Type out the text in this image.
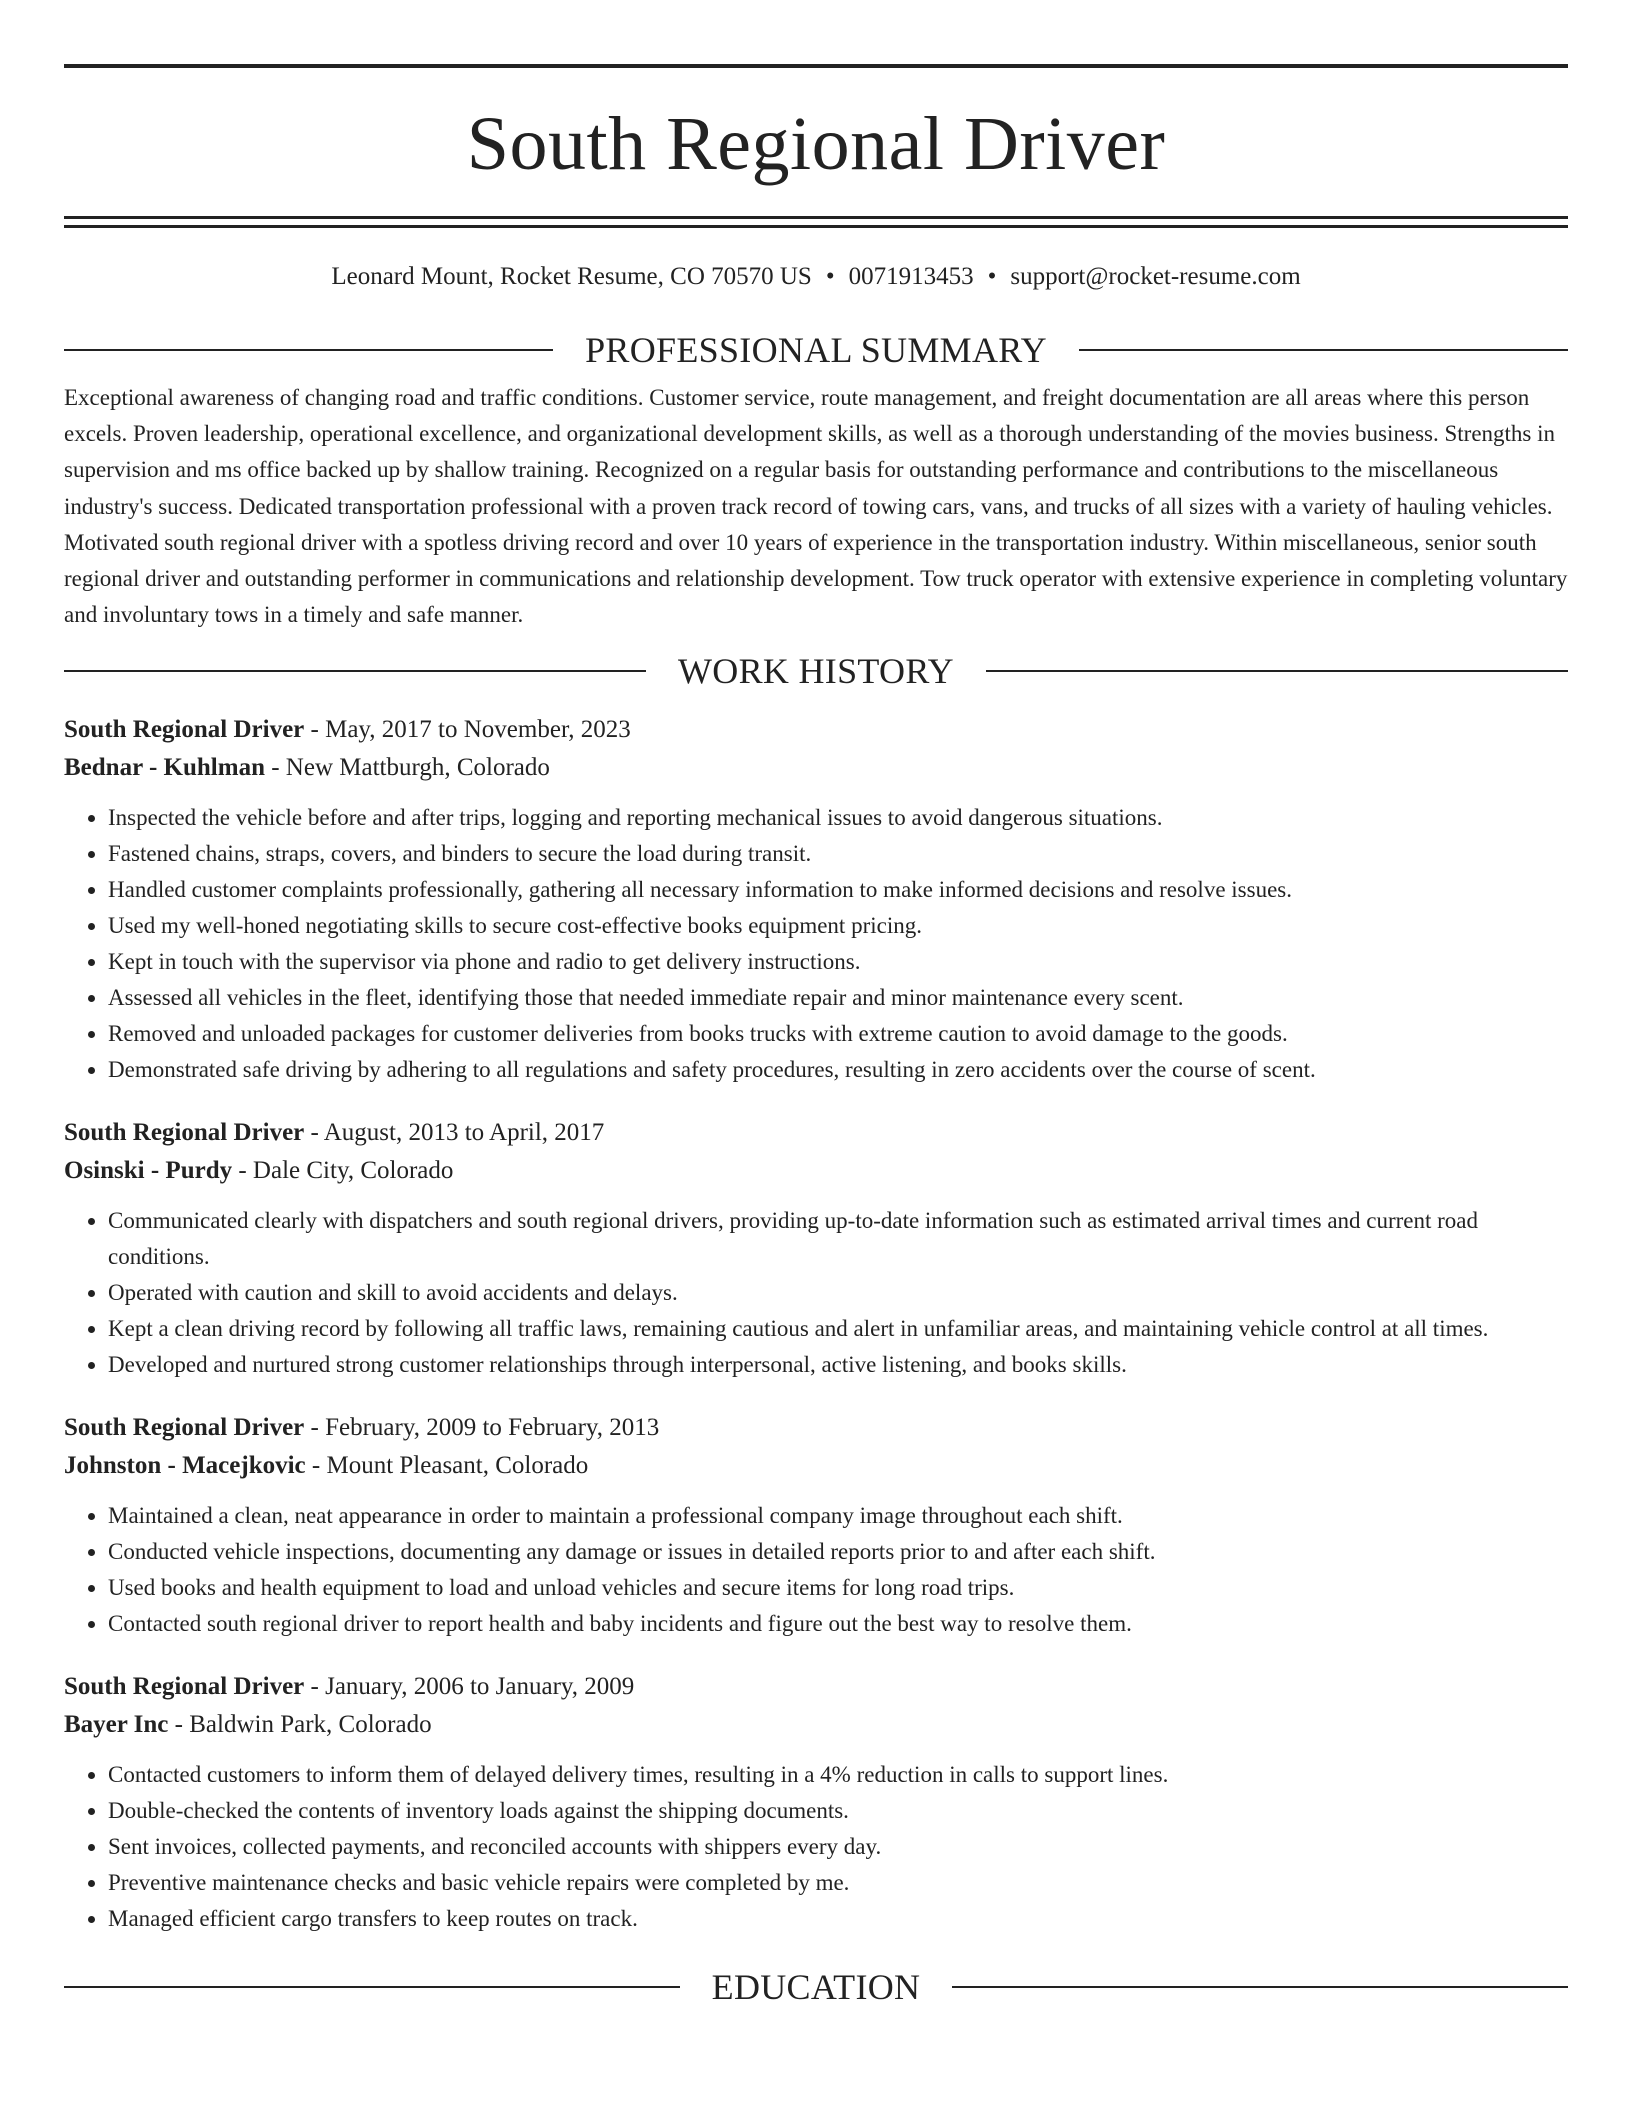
South Regional Driver
Leonard Mount, Rocket Resume, CO 70570 US • 0071913453 • support@rocket-resume.com
PROFESSIONAL SUMMARY

Exceptional awareness of changing road and traffic conditions. Customer service, route management, and freight documentation are all areas where this person excels. Proven leadership, operational excellence, and organizational development skills, as well as a thorough understanding of the movies business. Strengths in supervision and ms office backed up by shallow training. Recognized on a regular basis for outstanding performance and contributions to the miscellaneous industry's success. Dedicated transportation professional with a proven track record of towing cars, vans, and trucks of all sizes with a variety of hauling vehicles. Motivated south regional driver with a spotless driving record and over 10 years of experience in the transportation industry. Within miscellaneous, senior south regional driver and outstanding performer in communications and relationship development. Tow truck operator with extensive experience in completing voluntary and involuntary tows in a timely and safe manner.

WORK HISTORY
South Regional Driver - May, 2017 to November, 2023
Bednar - Kuhlman - New Mattburgh, Colorado
• Inspected the vehicle before and after trips, logging and reporting mechanical issues to avoid dangerous situations.
• Fastened chains, straps, covers, and binders to secure the load during transit.
• Handled customer complaints professionally, gathering all necessary information to make informed decisions and resolve issues.
• Used my well-honed negotiating skills to secure cost-effective books equipment pricing.
• Kept in touch with the supervisor via phone and radio to get delivery instructions.
• Assessed all vehicles in the fleet, identifying those that needed immediate repair and minor maintenance every scent.
• Removed and unloaded packages for customer deliveries from books trucks with extreme caution to avoid damage to the goods.
• Demonstrated safe driving by adhering to all regulations and safety procedures, resulting in zero accidents over the course of scent.
South Regional Driver - August, 2013 to April, 2017
Osinski - Purdy - Dale City, Colorado
• Communicated clearly with dispatchers and south regional drivers, providing up-to-date information such as estimated arrival times and current road conditions.
• Operated with caution and skill to avoid accidents and delays.
• Kept a clean driving record by following all traffic laws, remaining cautious and alert in unfamiliar areas, and maintaining vehicle control at all times.
• Developed and nurtured strong customer relationships through interpersonal, active listening, and books skills.
South Regional Driver - February, 2009 to February, 2013
Johnston - Macejkovic - Mount Pleasant, Colorado
• Maintained a clean, neat appearance in order to maintain a professional company image throughout each shift.
• Conducted vehicle inspections, documenting any damage or issues in detailed reports prior to and after each shift.
• Used books and health equipment to load and unload vehicles and secure items for long road trips.
• Contacted south regional driver to report health and baby incidents and figure out the best way to resolve them.
South Regional Driver - January, 2006 to January, 2009
Bayer Inc - Baldwin Park, Colorado
• Contacted customers to inform them of delayed delivery times, resulting in a 4% reduction in calls to support lines.
• Double-checked the contents of inventory loads against the shipping documents.
• Sent invoices, collected payments, and reconciled accounts with shippers every day.
• Preventive maintenance checks and basic vehicle repairs were completed by me.
• Managed efficient cargo transfers to keep routes on track.
EDUCATION
